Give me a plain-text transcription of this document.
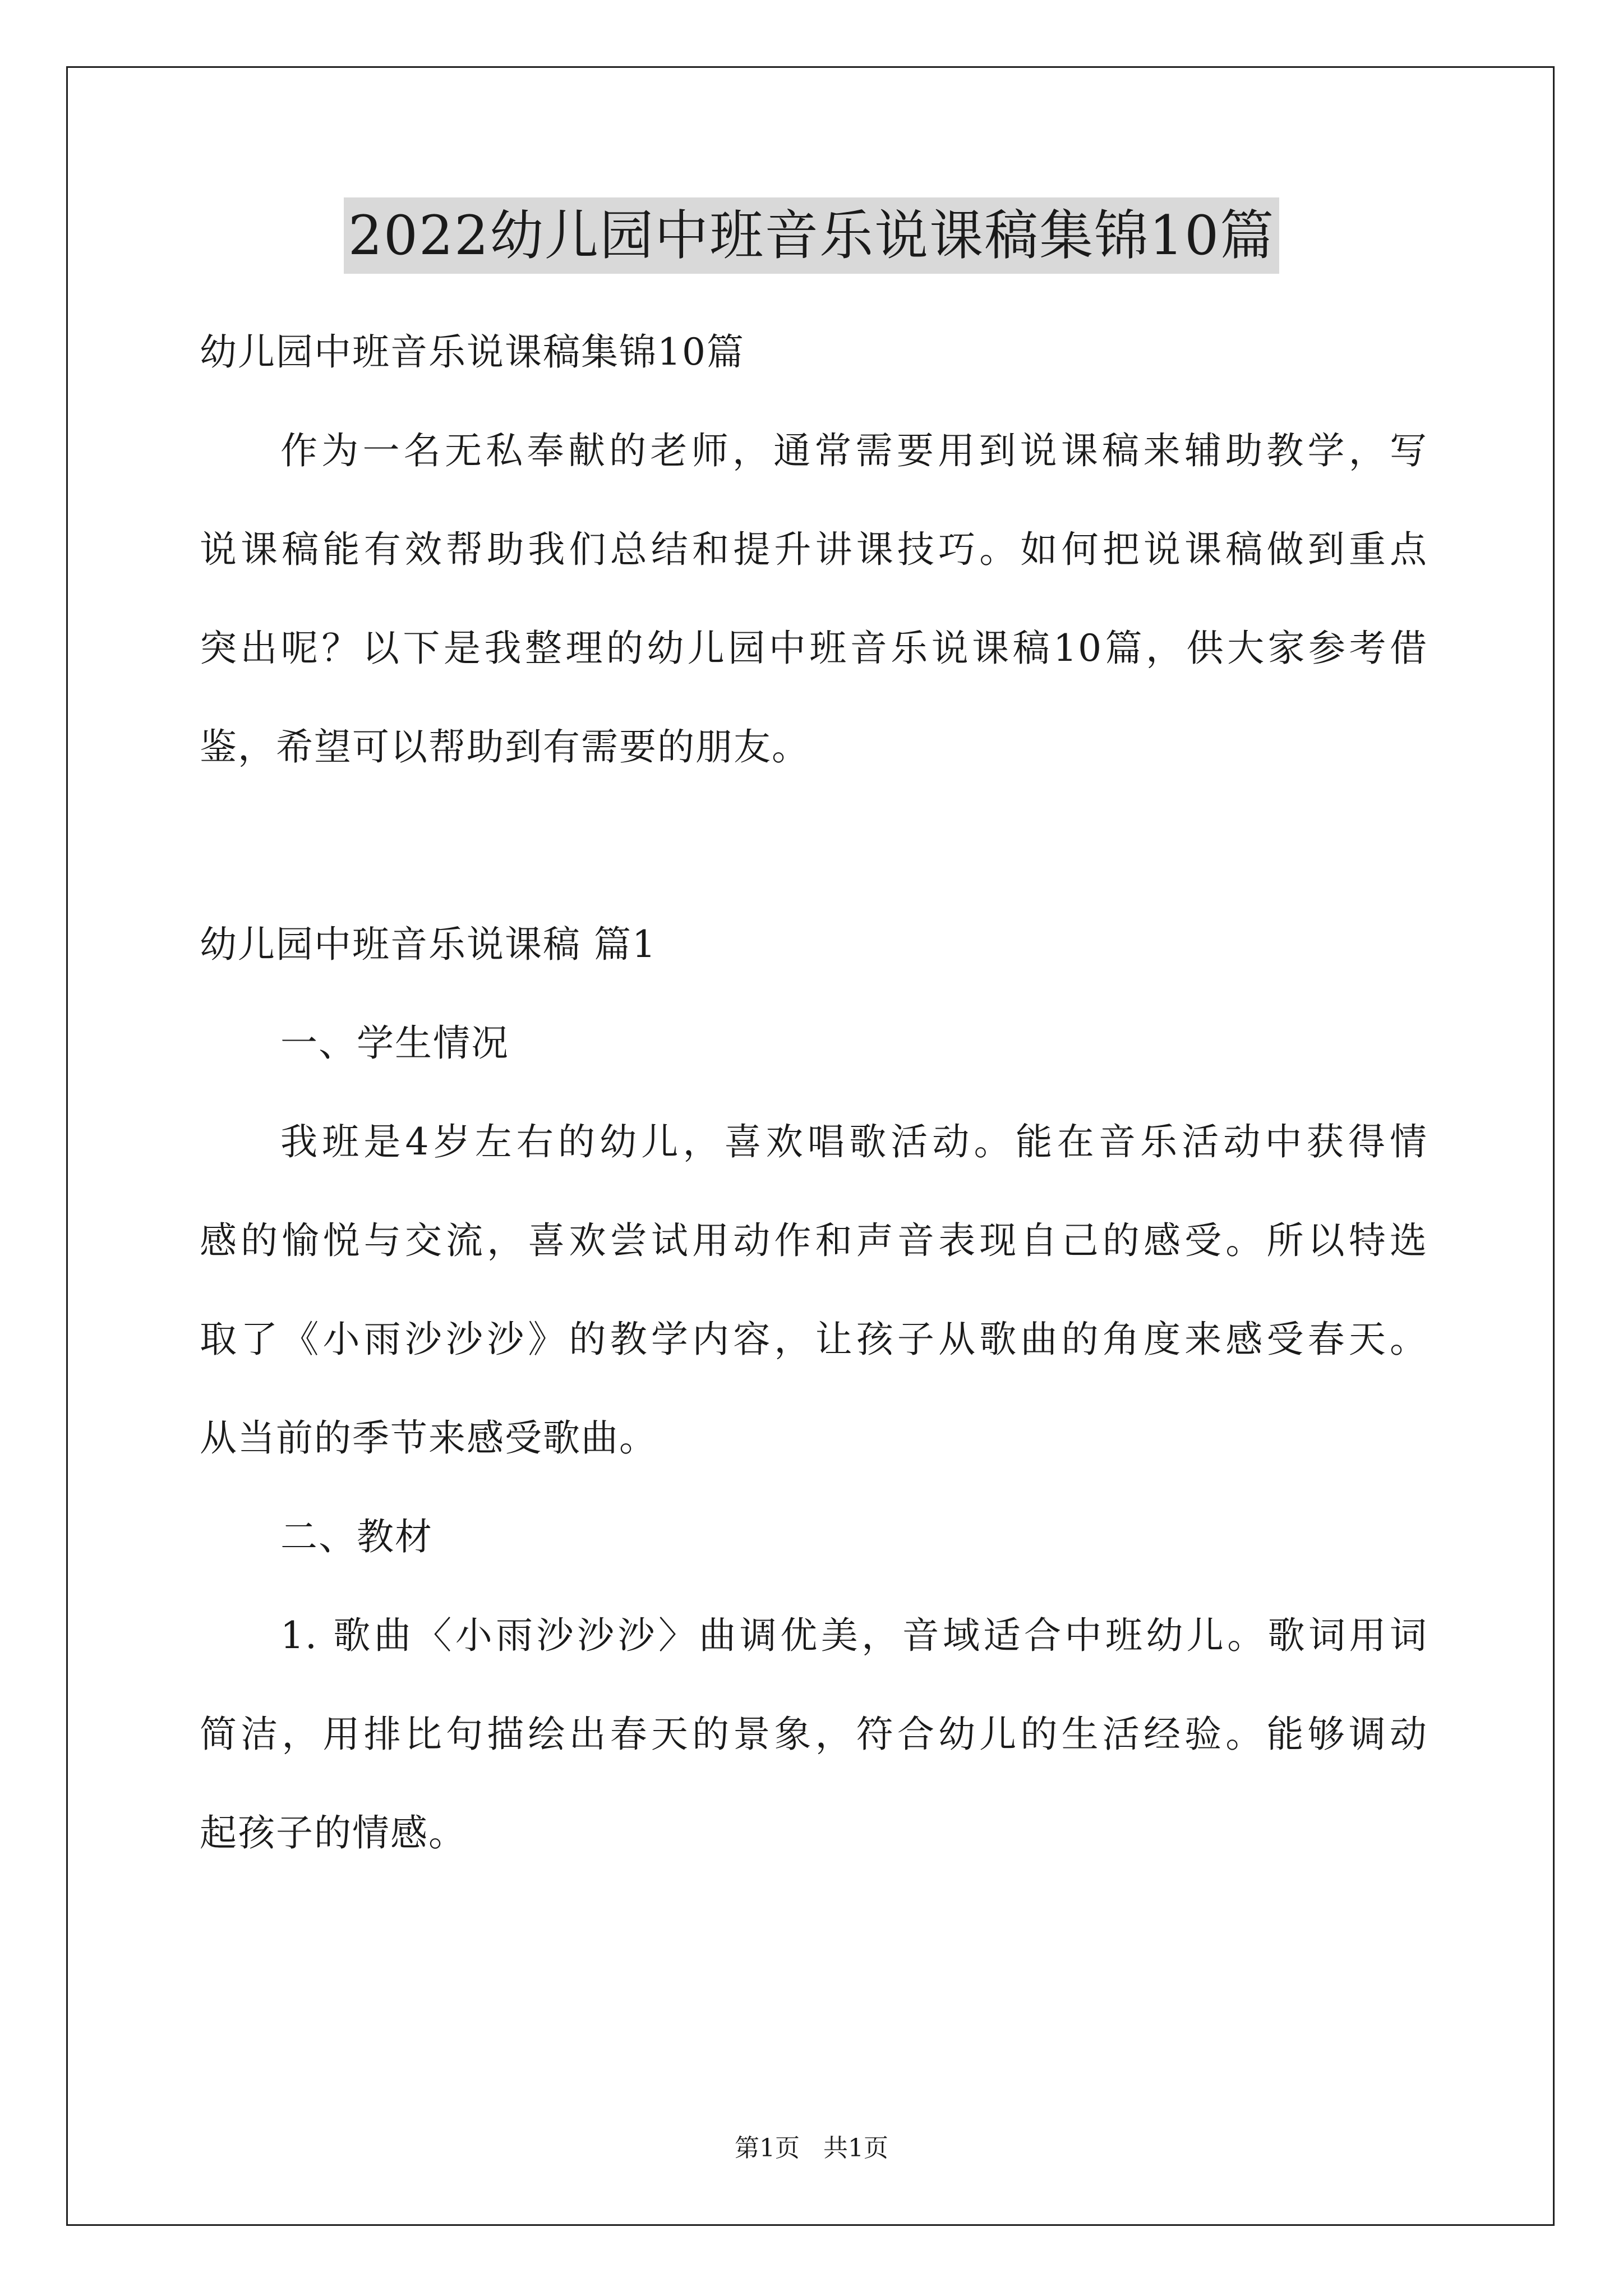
2022幼儿园中班音乐说课稿集锦10篇
幼儿园中班音乐说课稿集锦10篇
作为一名无私奉献的老师，通常需要用到说课稿来辅助教学，写
说课稿能有效帮助我们总结和提升讲课技巧。如何把说课稿做到重点
突出呢？以下是我整理的幼儿园中班音乐说课稿10篇，供大家参考借
鉴，希望可以帮助到有需要的朋友。
幼儿园中班音乐说课稿 篇1
一、学生情况
我班是4岁左右的幼儿，喜欢唱歌活动。能在音乐活动中获得情
感的愉悦与交流，喜欢尝试用动作和声音表现自己的感受。所以特选
取了《小雨沙沙沙》的教学内容，让孩子从歌曲的角度来感受春天。
从当前的季节来感受歌曲。
二、教材
1. 歌曲〈小雨沙沙沙〉曲调优美，音域适合中班幼儿。歌词用词
简洁，用排比句描绘出春天的景象，符合幼儿的生活经验。能够调动
起孩子的情感。
第1页   共1页
